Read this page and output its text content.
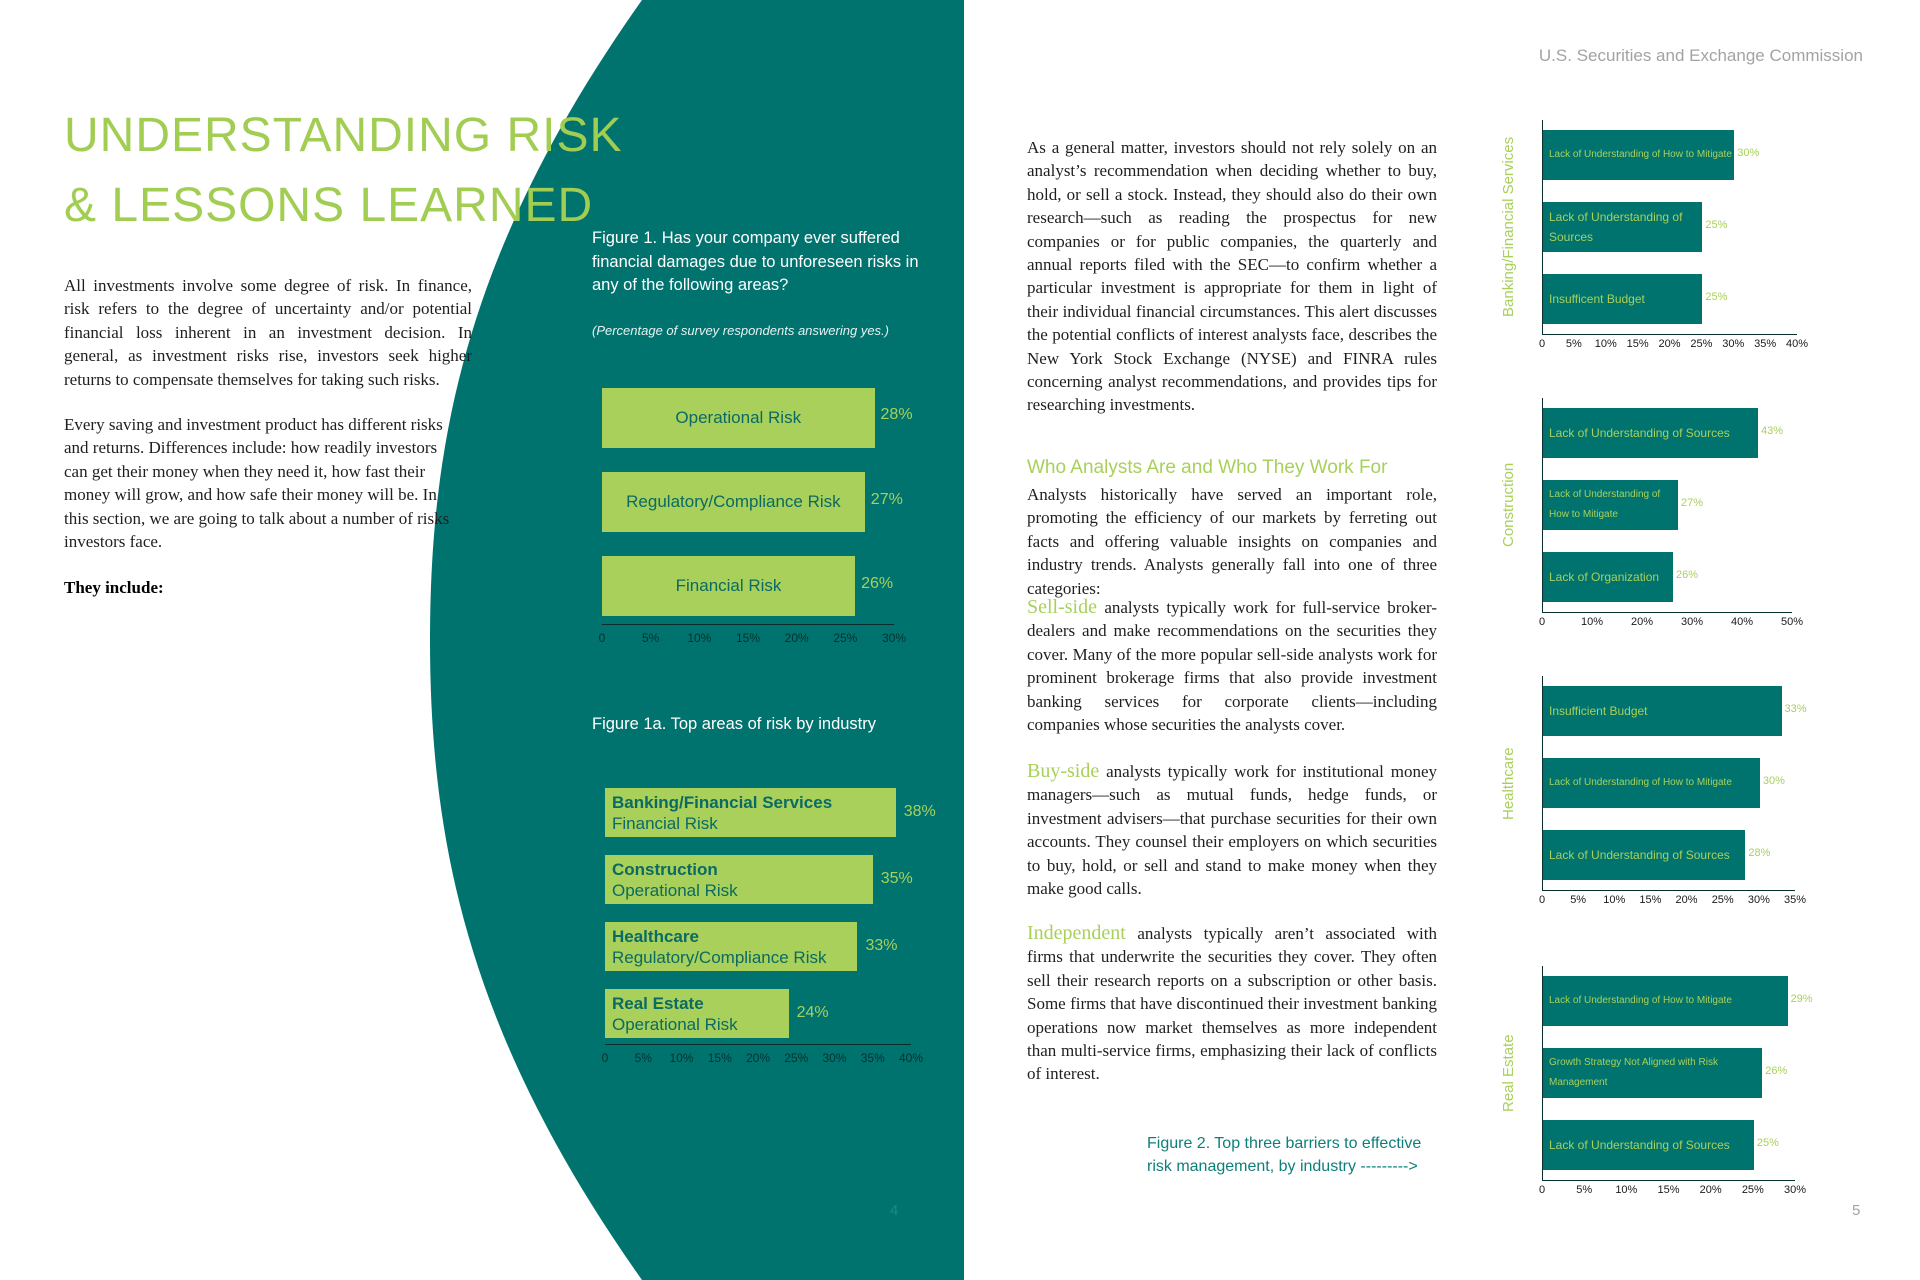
U.S. Securities and Exchange Commission
UNDERSTANDING RISK
& LESSONS LEARNED
All investments involve some degree of risk. In finance, risk refers to the degree of uncertainty and/or potential financial loss inherent in an investment decision. In general, as investment risks rise, investors seek higher returns to compensate themselves for taking such risks.
Every saving and investment product has different risks and returns. Differences include: how readily investors can get their money when they need it, how fast their money will grow, and how safe their money will be. In this section, we are going to talk about a number of risks investors face.
They include:
Figure 1. Has your company ever suffered financial damages due to unforeseen risks in any of the following areas?
(Percentage of survey respondents answering yes.)
Operational Risk	28%
Regulatory/Compliance Risk	27%
Financial Risk	26%
0	5% 10% 15% 20% 25% 30%
Figure 1a. Top areas of risk by industry
Banking/Financial Services
Financial Risk
38%
Construction
Operational Risk
35%
Healthcare
Regulatory/Compliance Risk
33%
Real Estate
Operational Risk
24%
0 5% 10% 15% 20% 25% 30% 35% 40%
4
As a general matter, investors should not rely solely on an analyst’s recommendation when deciding whether to buy, hold, or sell a stock. Instead, they should also do their own research—such as reading the prospectus for new companies or for public companies, the quarterly and annual reports filed with the SEC—to confirm whether a particular investment is appropriate for them in light of their individual financial circumstances. This alert discusses the potential conflicts of interest analysts face, describes the New York Stock Exchange (NYSE) and FINRA rules concerning analyst recommendations, and provides tips for researching investments.
Who Analysts Are and Who They Work For
Analysts historically have served an important role, promoting the efficiency of our markets by ferreting out facts and offering valuable insights on companies and industry trends. Analysts generally fall into one of three categories:
Sell-side analysts typically work for full-service broker-dealers and make recommendations on the securities they cover. Many of the more popular sell-side analysts work for prominent brokerage firms that also provide investment banking services for corporate clients—including companies whose securities the analysts cover.
Buy-side analysts typically work for institutional money managers—such as mutual funds, hedge funds, or investment advisers—that purchase securities for their own accounts. They counsel their employers on which securities to buy, hold, or sell and stand to make money when they make good calls.
Independent analysts typically aren’t associated with firms that underwrite the securities they cover. They often sell their research reports on a subscription or other basis. Some firms that have discontinued their investment banking operations now market themselves as more independent than multi-service firms, emphasizing their lack of conflicts of interest.
Figure 2. Top three barriers to effective
risk management, by industry --------->
5
Lack of Understanding of How to Mitigate 30%
Lack of Understanding of Sources
25%
Insufficent Budget	25%
0 5% 10% 15% 20% 25% 30% 35% 40%
Banking/Financial Services
Lack of Understanding of Sources	43%
Lack of Understanding of How to Mitigate
27%
Lack of Organization	26%
0	10%	20%	30%	40%	50%
Construction
Insufficient Budget	33%
Lack of Understanding of How to Mitigate	30%
Lack of Understanding of Sources	28%
0 5% 10% 15% 20% 25% 30% 35%
Healthcare
Lack of Understanding of How to Mitigate	29%
Growth Strategy Not Aligned with Risk Management
26%
Lack of Understanding of Sources	25%
0	5% 10% 15% 20% 25% 30%
Real Estate
